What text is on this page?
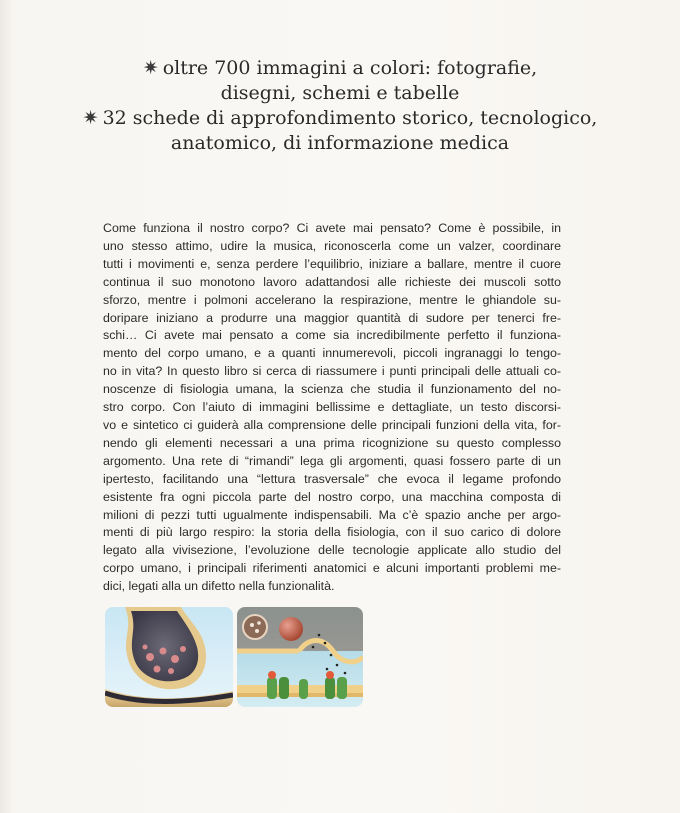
✷ oltre 700 immagini a colori: fotografie,
disegni, schemi e tabelle
✷ 32 schede di approfondimento storico, tecnologico,
anatomico, di informazione medica
Come funziona il nostro corpo? Ci avete mai pensato? Come è possibile, in
uno stesso attimo, udire la musica, riconoscerla come un valzer, coordinare
tutti i movimenti e, senza perdere l’equilibrio, iniziare a ballare, mentre il cuore
continua il suo monotono lavoro adattandosi alle richieste dei muscoli sotto
sforzo, mentre i polmoni accelerano la respirazione, mentre le ghiandole su-
doripare iniziano a produrre una maggior quantità di sudore per tenerci fre-
schi… Ci avete mai pensato a come sia incredibilmente perfetto il funziona-
mento del corpo umano, e a quanti innumerevoli, piccoli ingranaggi lo tengo-
no in vita? In questo libro si cerca di riassumere i punti principali delle attuali co-
noscenze di fisiologia umana, la scienza che studia il funzionamento del no-
stro corpo. Con l’aiuto di immagini bellissime e dettagliate, un testo discorsi-
vo e sintetico ci guiderà alla comprensione delle principali funzioni della vita, for-
nendo gli elementi necessari a una prima ricognizione su questo complesso
argomento. Una rete di “rimandi” lega gli argomenti, quasi fossero parte di un
ipertesto, facilitando una “lettura trasversale” che evoca il legame profondo
esistente fra ogni piccola parte del nostro corpo, una macchina composta di
milioni di pezzi tutti ugualmente indispensabili. Ma c’è spazio anche per argo-
menti di più largo respiro: la storia della fisiologia, con il suo carico di dolore
legato alla vivisezione, l’evoluzione delle tecnologie applicate allo studio del
corpo umano, i principali riferimenti anatomici e alcuni importanti problemi me-
dici, legati alla un difetto nella funzionalità.
